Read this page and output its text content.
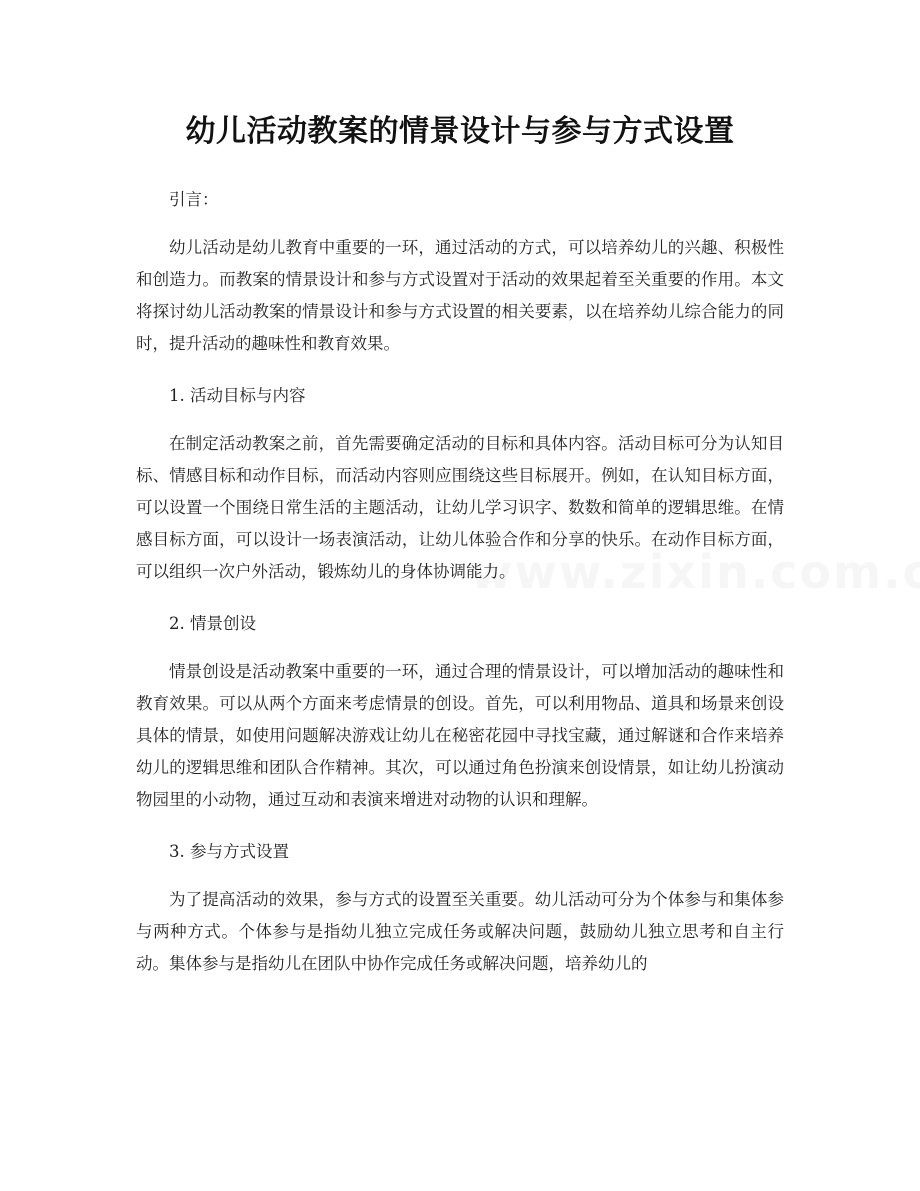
幼儿活动教案的情景设计与参与方式设置

引言：

幼儿活动是幼儿教育中重要的一环，通过活动的方式，可以培养幼儿的兴趣、积极性和创造力。而教案的情景设计和参与方式设置对于活动的效果起着至关重要的作用。本文将探讨幼儿活动教案的情景设计和参与方式设置的相关要素，以在培养幼儿综合能力的同时，提升活动的趣味性和教育效果。

1. 活动目标与内容

在制定活动教案之前，首先需要确定活动的目标和具体内容。活动目标可分为认知目标、情感目标和动作目标，而活动内容则应围绕这些目标展开。例如，在认知目标方面，可以设置一个围绕日常生活的主题活动，让幼儿学习识字、数数和简单的逻辑思维。在情感目标方面，可以设计一场表演活动，让幼儿体验合作和分享的快乐。在动作目标方面，可以组织一次户外活动，锻炼幼儿的身体协调能力。

2. 情景创设

情景创设是活动教案中重要的一环，通过合理的情景设计，可以增加活动的趣味性和教育效果。可以从两个方面来考虑情景的创设。首先，可以利用物品、道具和场景来创设具体的情景，如使用问题解决游戏让幼儿在秘密花园中寻找宝藏，通过解谜和合作来培养幼儿的逻辑思维和团队合作精神。其次，可以通过角色扮演来创设情景，如让幼儿扮演动物园里的小动物，通过互动和表演来增进对动物的认识和理解。

3. 参与方式设置

为了提高活动的效果，参与方式的设置至关重要。幼儿活动可分为个体参与和集体参与两种方式。个体参与是指幼儿独立完成任务或解决问题，鼓励幼儿独立思考和自主行动。集体参与是指幼儿在团队中协作完成任务或解决问题，培养幼儿的
